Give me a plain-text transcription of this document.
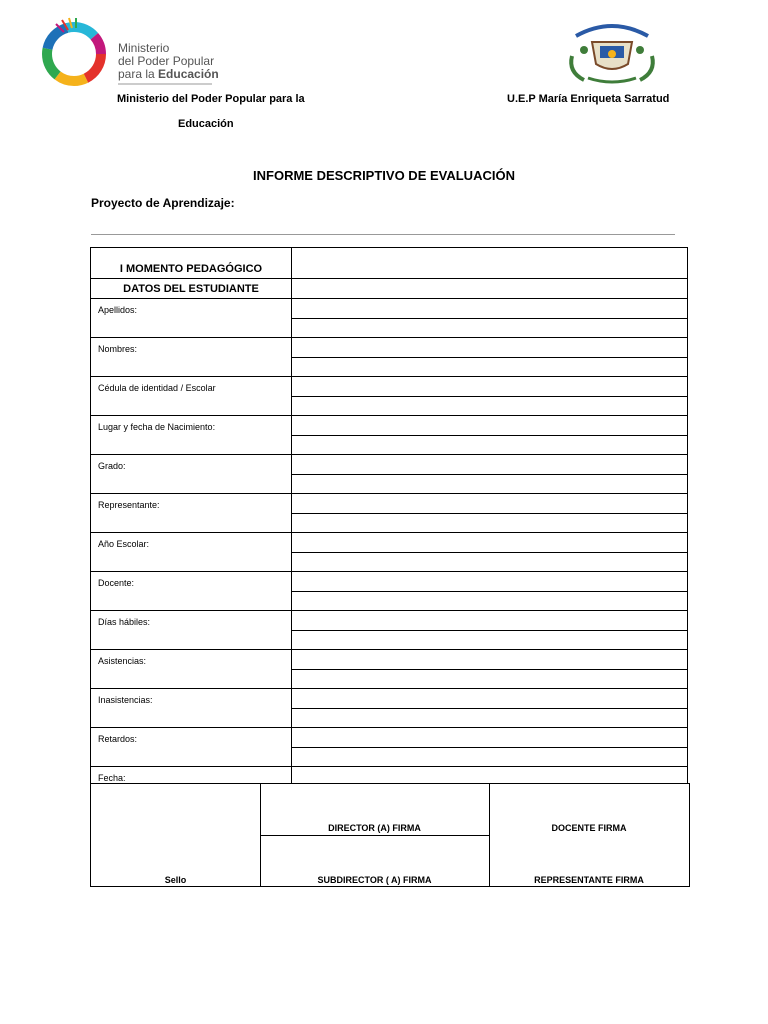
Ministerio
del Poder Popular
para la Educación
Ministerio del Poder Popular para la
Educación
U.E.P María Enriqueta Sarratud
INFORME DESCRIPTIVO DE EVALUACIÓN
Proyecto de Aprendizaje:
I MOMENTO PEDAGÓGICO
DATOS DEL ESTUDIANTE
Apellidos:
Nombres:
Cédula de identidad / Escolar
Lugar y fecha de Nacimiento:
Grado:
Representante:
Año Escolar:
Docente:
Días hábiles:
Asistencias:
Inasistencias:
Retardos:
Fecha:
Sello
DIRECTOR (A) FIRMA
SUBDIRECTOR ( A) FIRMA
DOCENTE FIRMA
REPRESENTANTE FIRMA
